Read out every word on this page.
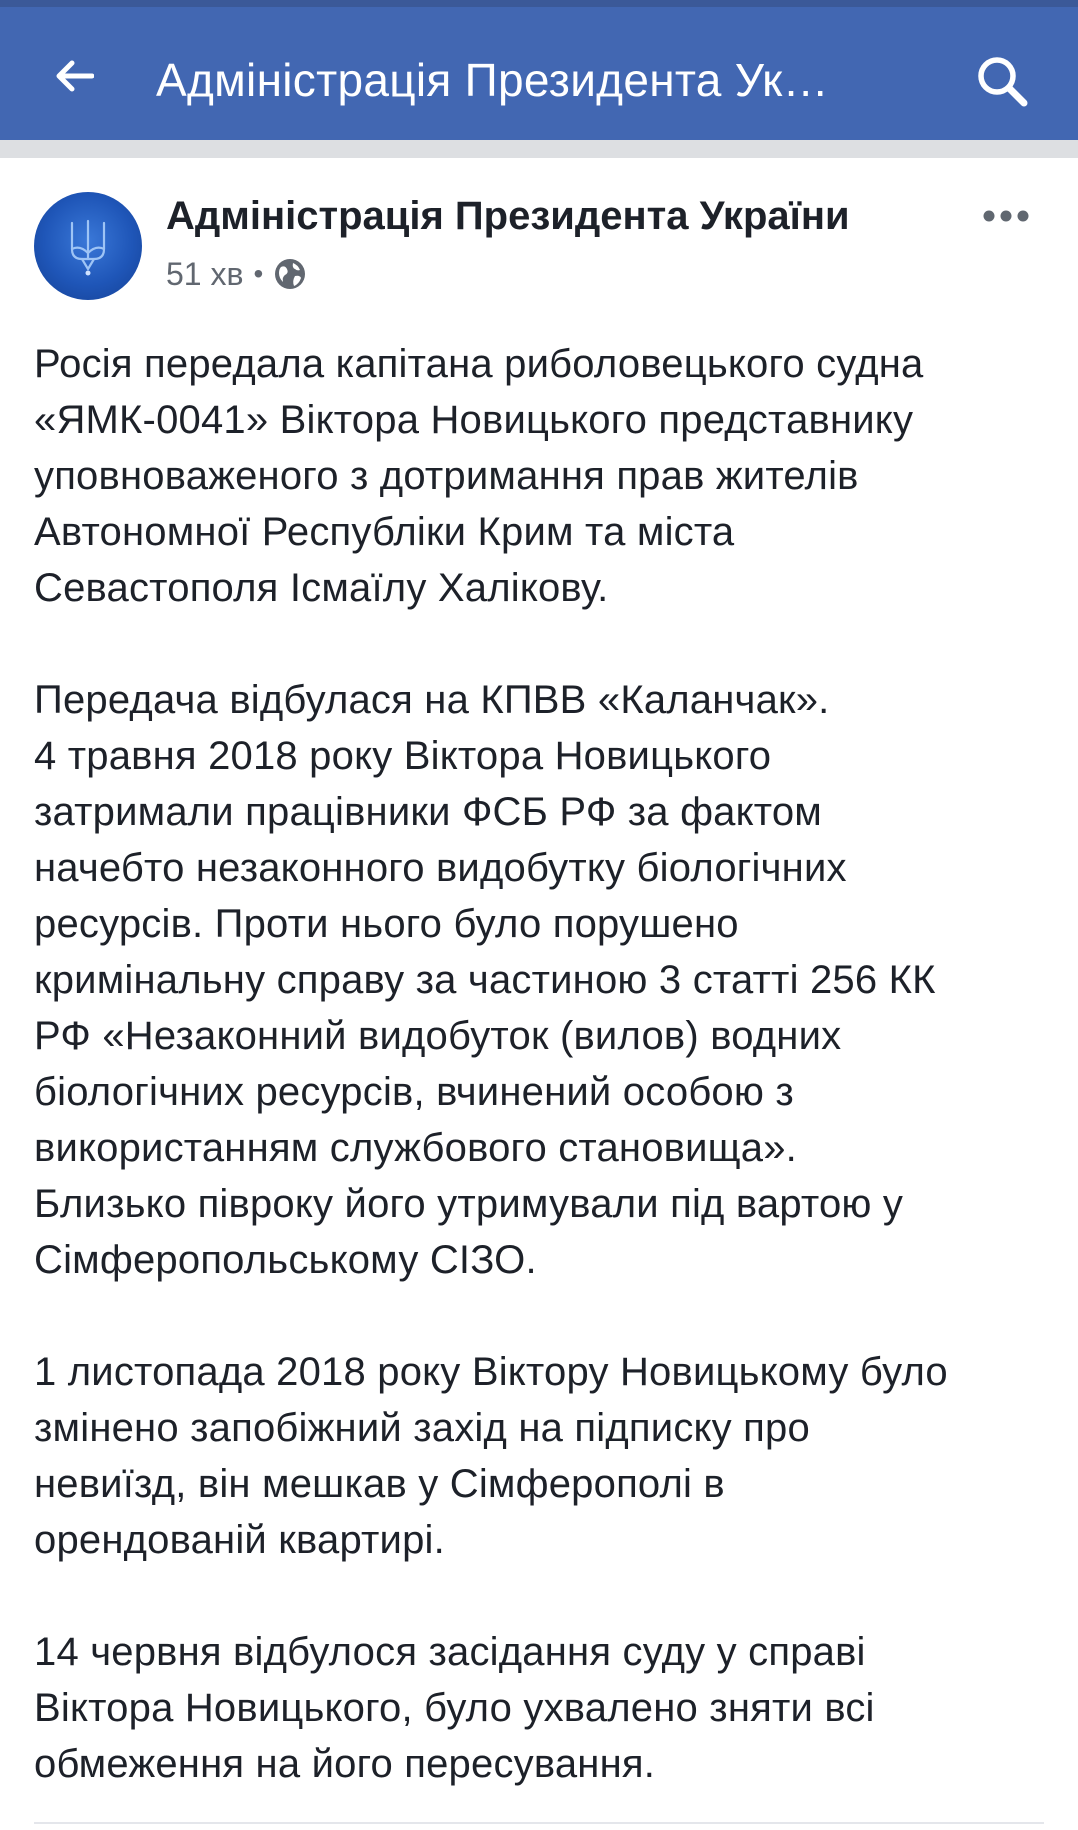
Адміністрація Президента Ук…
Адміністрація Президента України
51 хв •
Росія передала капітана риболовецького судна
«ЯМК-0041» Віктора Новицького представнику
уповноваженого з дотримання прав жителів
Автономної Республіки Крим та міста
Севастополя Ісмаїлу Халікову.
Передача відбулася на КПВВ «Каланчак».
4 травня 2018 року Віктора Новицького
затримали працівники ФСБ РФ за фактом
начебто незаконного видобутку біологічних
ресурсів. Проти нього було порушено
кримінальну справу за частиною 3 статті 256 КК
РФ «Незаконний видобуток (вилов) водних
біологічних ресурсів, вчинений особою з
використанням службового становища».
Близько півроку його утримували під вартою у
Сімферопольському СІЗО.
1 листопада 2018 року Віктору Новицькому було
змінено запобіжний захід на підписку про
невиїзд, він мешкав у Сімферополі в
орендованій квартирі.
14 червня відбулося засідання суду у справі
Віктора Новицького, було ухвалено зняти всі
обмеження на його пересування.
